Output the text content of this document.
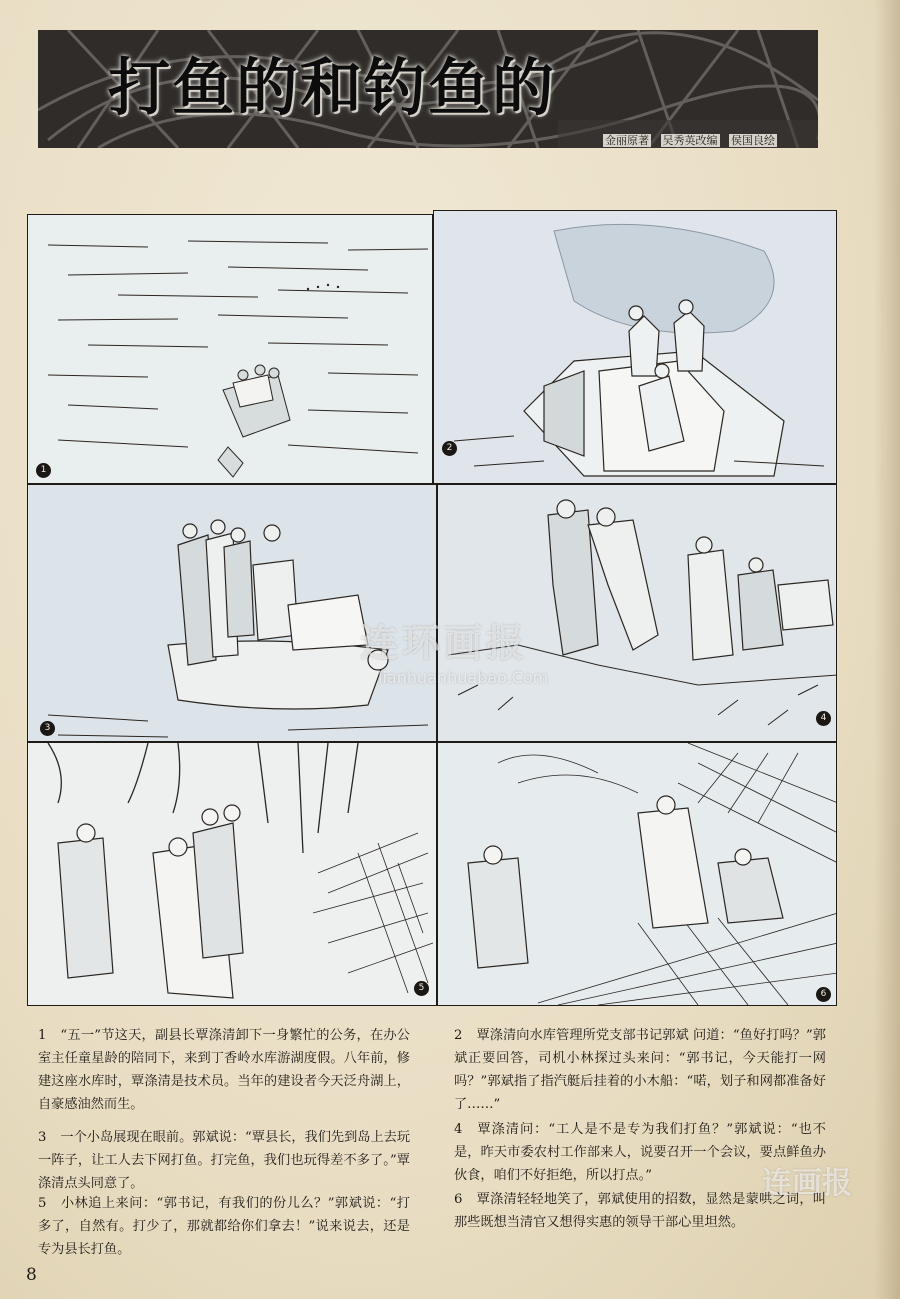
打鱼的和钓鱼的
金丽原著 吴秀英改编 侯国良绘
1
2
3
4
5
6
连环画报
lianhuanhuabao.Com
连画报
1 “五一”节这天，副县长覃涤清卸下一身繁忙的公务，在办公室主任童星龄的陪同下，来到丁香岭水库游湖度假。八年前，修建这座水库时，覃涤清是技术员。当年的建设者今天泛舟湖上，自豪感油然而生。
2 覃涤清向水库管理所党支部书记郭斌 问道：“鱼好打吗？”郭斌正要回答，司机小林探过头来问：“郭书记，今天能打一网吗？”郭斌指了指汽艇后挂着的小木船：“喏，划子和网都准备好了……”
3 一个小岛展现在眼前。郭斌说：“覃县长，我们先到岛上去玩一阵子，让工人去下网打鱼。打完鱼，我们也玩得差不多了。”覃涤清点头同意了。
4 覃涤清问：“工人是不是专为我们打鱼？”郭斌说：“也不是，昨天市委农村工作部来人，说要召开一个会议，要点鲜鱼办伙食，咱们不好拒绝，所以打点。”
5 小林追上来问：“郭书记，有我们的份儿么？”郭斌说：“打多了，自然有。打少了，那就都给你们拿去！”说来说去，还是专为县长打鱼。
6 覃涤清轻轻地笑了，郭斌使用的招数，显然是蒙哄之词，叫那些既想当清官又想得实惠的领导干部心里坦然。
8
